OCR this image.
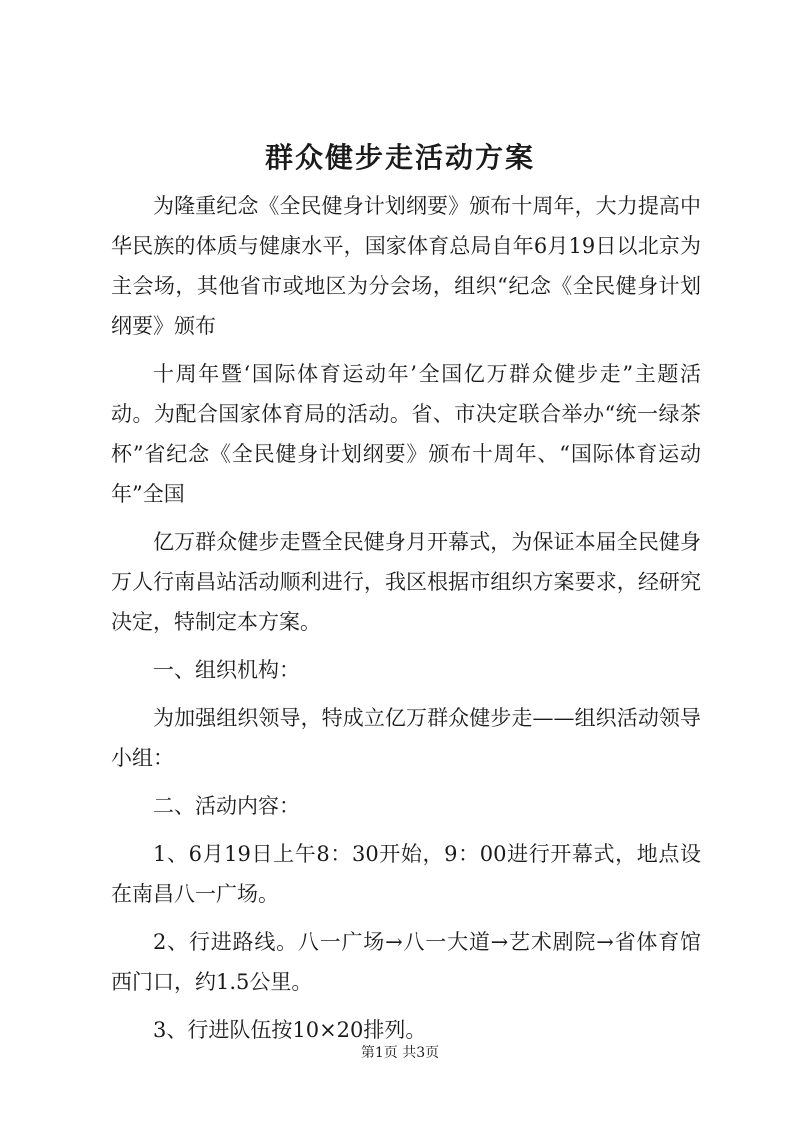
群众健步走活动方案

为隆重纪念《全民健身计划纲要》颁布十周年，大力提高中华民族的体质与健康水平，国家体育总局自年6月19日以北京为主会场，其他省市或地区为分会场，组织“纪念《全民健身计划纲要》颁布

十周年暨‘国际体育运动年’全国亿万群众健步走”主题活动。为配合国家体育局的活动。省、市决定联合举办“统一绿茶杯”省纪念《全民健身计划纲要》颁布十周年、“国际体育运动年”全国

亿万群众健步走暨全民健身月开幕式，为保证本届全民健身万人行南昌站活动顺利进行，我区根据市组织方案要求，经研究决定，特制定本方案。

一、组织机构：

为加强组织领导，特成立亿万群众健步走——组织活动领导小组：

二、活动内容：

1、6月19日上午8：30开始，9：00进行开幕式，地点设在南昌八一广场。

2、行进路线。八一广场→八一大道→艺术剧院→省体育馆西门口，约1.5公里。

3、行进队伍按10×20排列。

第1页 共3页
